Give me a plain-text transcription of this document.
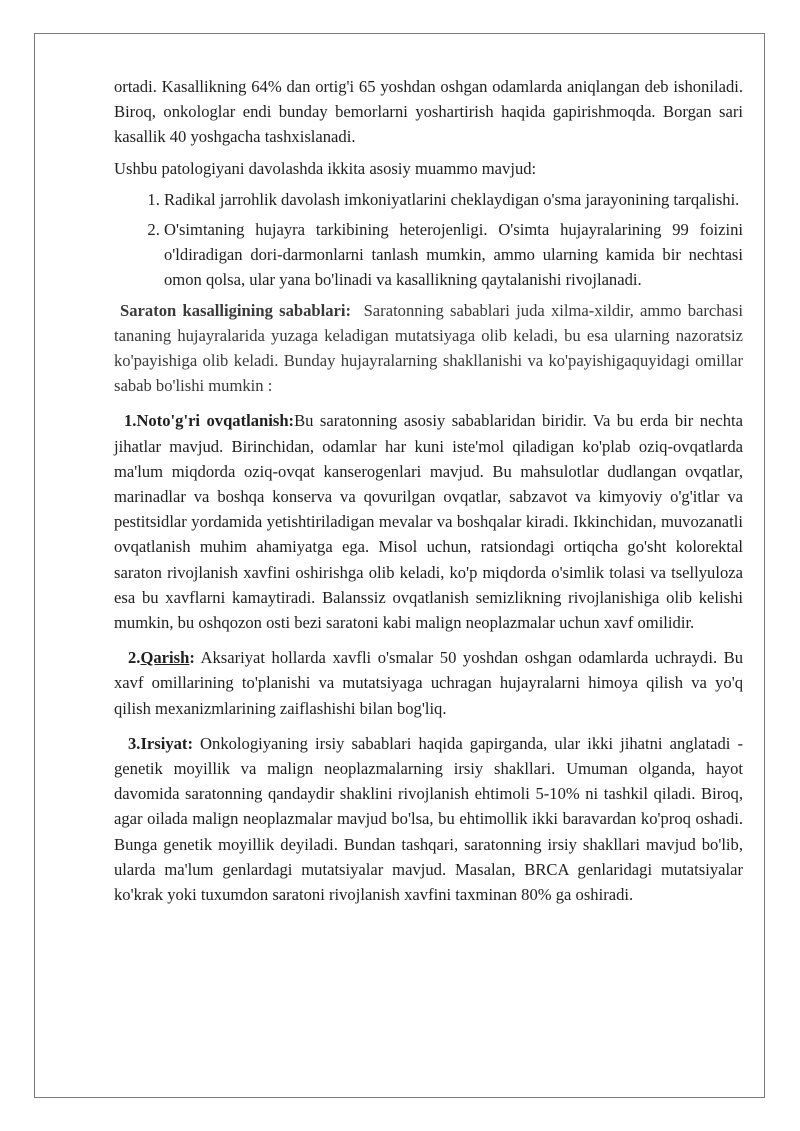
ortadi. Kasallikning 64% dan ortig'i 65 yoshdan oshgan odamlarda aniqlangan deb ishoniladi. Biroq, onkologlar endi bunday bemorlarni yoshartirish haqida gapirishmoqda. Borgan sari kasallik 40 yoshgacha tashxislanadi.

Ushbu patologiyani davolashda ikkita asosiy muammo mavjud:

1. Radikal jarrohlik davolash imkoniyatlarini cheklaydigan o'sma jarayonining tarqalishi.
2. O'simtaning hujayra tarkibining heterojenligi. O'simta hujayralarining 99 foizini o'ldiradigan dori-darmonlarni tanlash mumkin, ammo ularning kamida bir nechtasi omon qolsa, ular yana bo'linadi va kasallikning qaytalanishi rivojlanadi.

Saraton kasalligining sabablari: Saratonning sabablari juda xilma-xildir, ammo barchasi tananing hujayralarida yuzaga keladigan mutatsiyaga olib keladi, bu esa ularning nazoratsiz ko'payishiga olib keladi. Bunday hujayralarning shakllanishi va ko'payishigaquyidagi omillar sabab bo'lishi mumkin :

1.Noto'g'ri ovqatlanish:Bu saratonning asosiy sabablaridan biridir. Va bu erda bir nechta jihatlar mavjud. Birinchidan, odamlar har kuni iste'mol qiladigan ko'plab oziq-ovqatlarda ma'lum miqdorda oziq-ovqat kanserogenlari mavjud. Bu mahsulotlar dudlangan ovqatlar, marinadlar va boshqa konserva va qovurilgan ovqatlar, sabzavot va kimyoviy o'g'itlar va pestitsidlar yordamida yetishtiriladigan mevalar va boshqalar kiradi. Ikkinchidan, muvozanatli ovqatlanish muhim ahamiyatga ega. Misol uchun, ratsiondagi ortiqcha go'sht kolorektal saraton rivojlanish xavfini oshirishga olib keladi, ko'p miqdorda o'simlik tolasi va tsellyuloza esa bu xavflarni kamaytiradi. Balanssiz ovqatlanish semizlikning rivojlanishiga olib kelishi mumkin, bu oshqozon osti bezi saratoni kabi malign neoplazmalar uchun xavf omilidir.

2.Qarish: Aksariyat hollarda xavfli o'smalar 50 yoshdan oshgan odamlarda uchraydi. Bu xavf omillarining to'planishi va mutatsiyaga uchragan hujayralarni himoya qilish va yo'q qilish mexanizmlarining zaiflashishi bilan bog'liq.

3.Irsiyat: Onkologiyaning irsiy sabablari haqida gapirganda, ular ikki jihatni anglatadi - genetik moyillik va malign neoplazmalarning irsiy shakllari. Umuman olganda, hayot davomida saratonning qandaydir shaklini rivojlanish ehtimoli 5-10% ni tashkil qiladi. Biroq, agar oilada malign neoplazmalar mavjud bo'lsa, bu ehtimollik ikki baravardan ko'proq oshadi. Bunga genetik moyillik deyiladi. Bundan tashqari, saratonning irsiy shakllari mavjud bo'lib, ularda ma'lum genlardagi mutatsiyalar mavjud. Masalan, BRCA genlaridagi mutatsiyalar ko'krak yoki tuxumdon saratoni rivojlanish xavfini taxminan 80% ga oshiradi.
